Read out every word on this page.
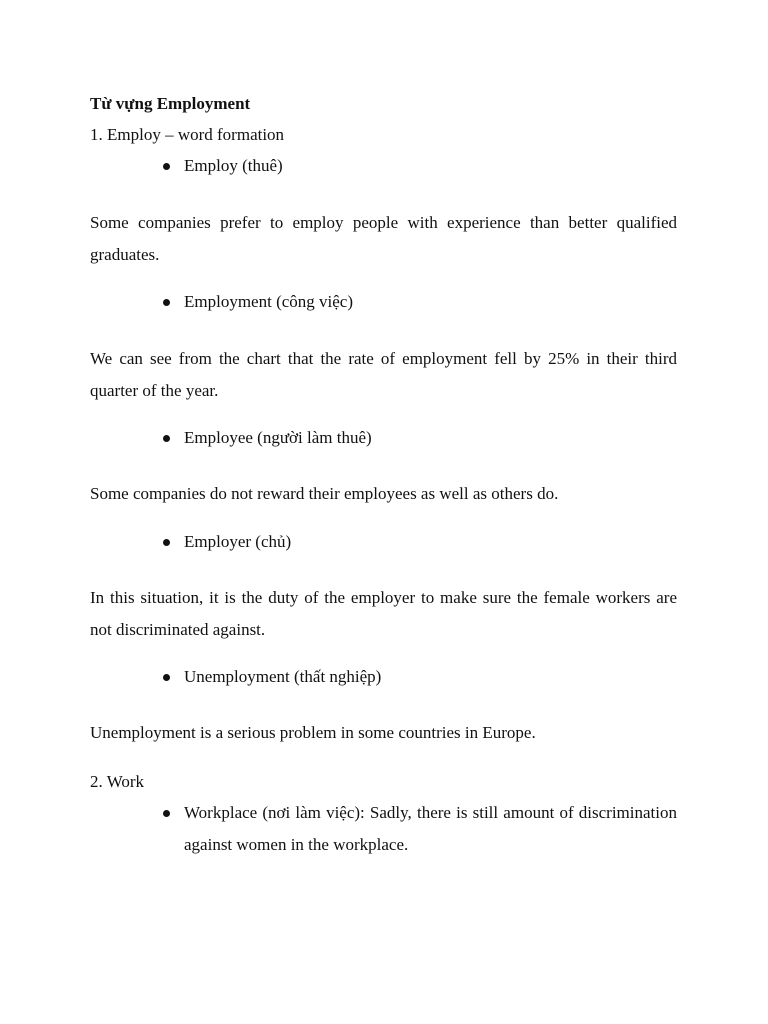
Từ vựng Employment
1. Employ – word formation
Employ (thuê)
Some companies prefer to employ people with experience than better qualified graduates.
Employment (công việc)
We can see from the chart that the rate of employment fell by 25% in their third quarter of the year.
Employee (người làm thuê)
Some companies do not reward their employees as well as others do.
Employer (chủ)
In this situation, it is the duty of the employer to make sure the female workers are not discriminated against.
Unemployment (thất nghiệp)
Unemployment is a serious problem in some countries in Europe.
2. Work
Workplace (nơi làm việc): Sadly, there is still amount of discrimination against women in the workplace.
